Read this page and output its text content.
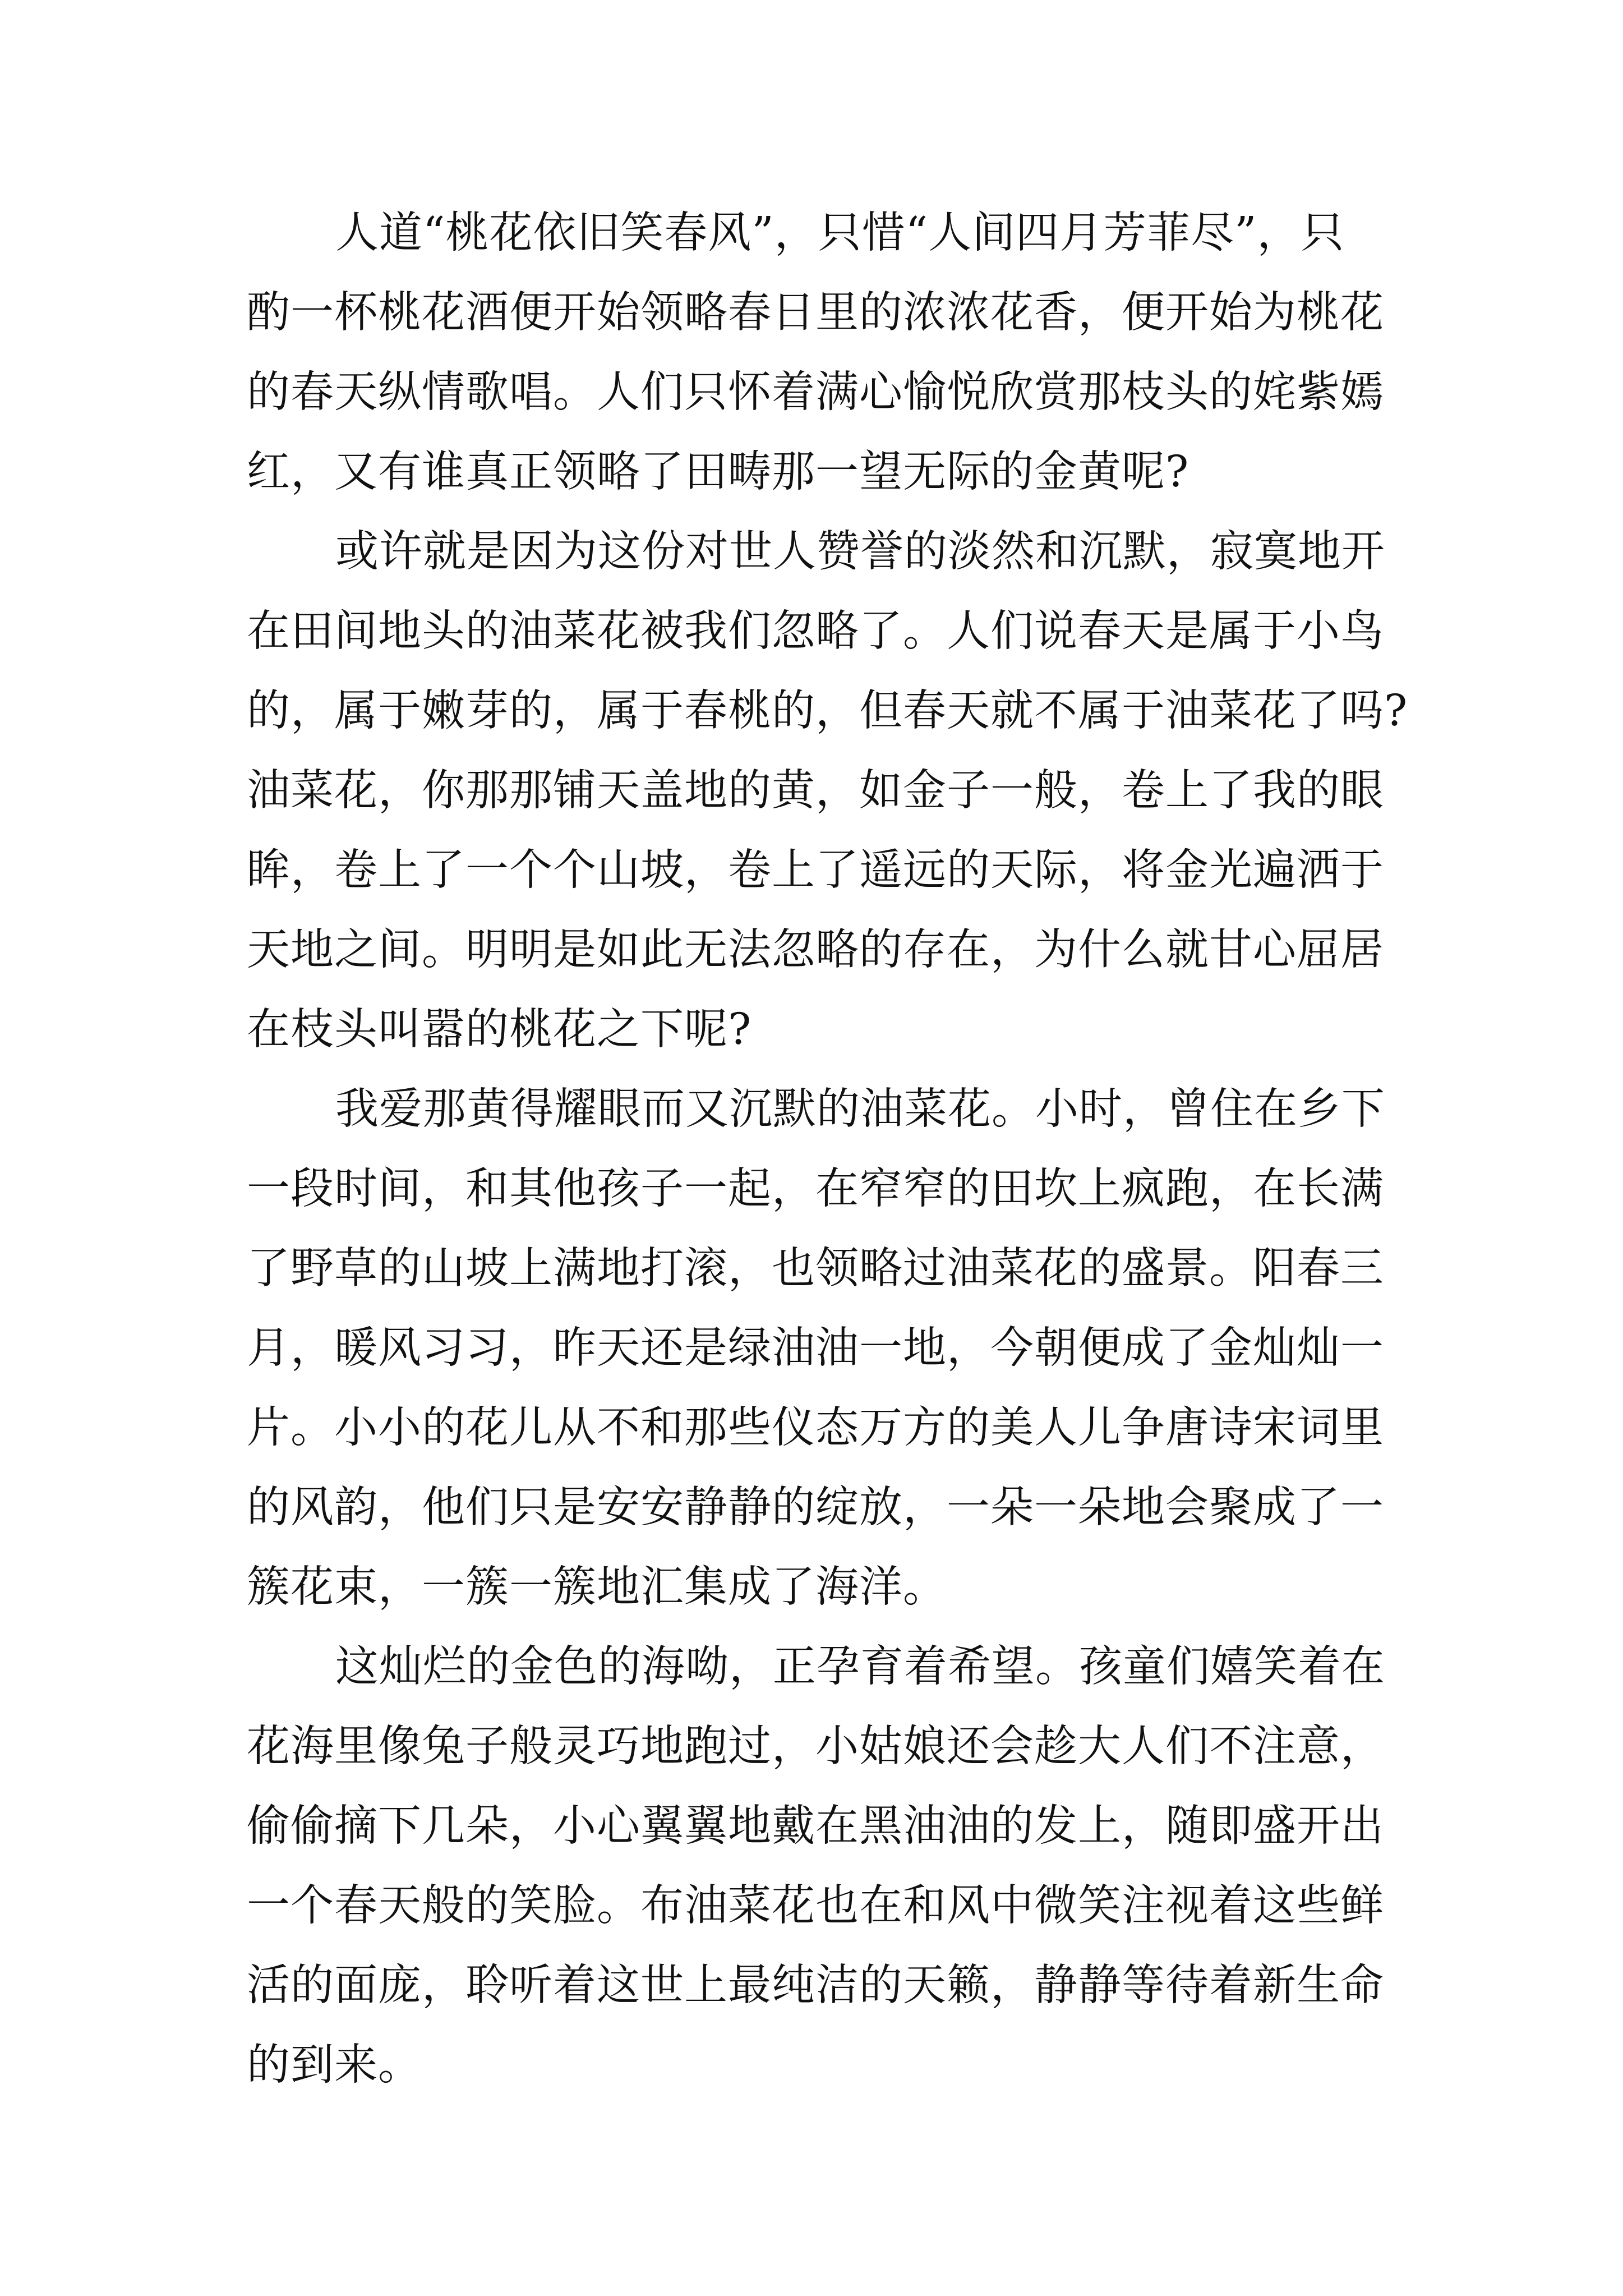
人道“桃花依旧笑春风”，只惜“人间四月芳菲尽”，只
酌一杯桃花酒便开始领略春日里的浓浓花香，便开始为桃花
的春天纵情歌唱。人们只怀着满心愉悦欣赏那枝头的姹紫嫣
红，又有谁真正领略了田畴那一望无际的金黄呢?
或许就是因为这份对世人赞誉的淡然和沉默，寂寞地开
在田间地头的油菜花被我们忽略了。人们说春天是属于小鸟
的，属于嫩芽的，属于春桃的，但春天就不属于油菜花了吗?
油菜花，你那那铺天盖地的黄，如金子一般，卷上了我的眼
眸，卷上了一个个山坡，卷上了遥远的天际，将金光遍洒于
天地之间。明明是如此无法忽略的存在，为什么就甘心屈居
在枝头叫嚣的桃花之下呢?
我爱那黄得耀眼而又沉默的油菜花。小时，曾住在乡下
一段时间，和其他孩子一起，在窄窄的田坎上疯跑，在长满
了野草的山坡上满地打滚，也领略过油菜花的盛景。阳春三
月，暖风习习，昨天还是绿油油一地，今朝便成了金灿灿一
片。小小的花儿从不和那些仪态万方的美人儿争唐诗宋词里
的风韵，他们只是安安静静的绽放，一朵一朵地会聚成了一
簇花束，一簇一簇地汇集成了海洋。
这灿烂的金色的海呦，正孕育着希望。孩童们嬉笑着在
花海里像兔子般灵巧地跑过，小姑娘还会趁大人们不注意，
偷偷摘下几朵，小心翼翼地戴在黑油油的发上，随即盛开出
一个春天般的笑脸。布油菜花也在和风中微笑注视着这些鲜
活的面庞，聆听着这世上最纯洁的天籁，静静等待着新生命
的到来。
